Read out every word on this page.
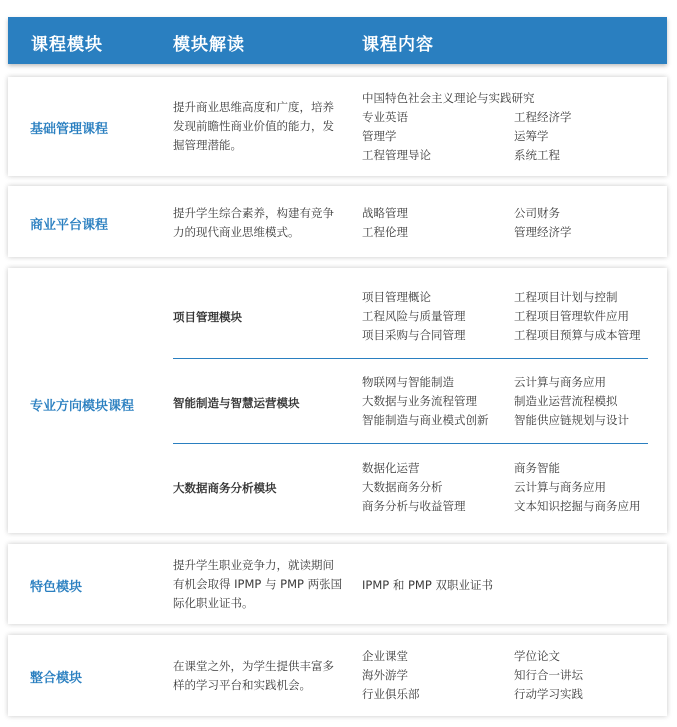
课程模块	模块解读	课程内容
基础管理课程
提升商业思维高度和广度，培养发现前瞻性商业价值的能力，发掘管理潜能。
中国特色社会主义理论与实践研究
专业英语
管理学
工程管理导论
工程经济学
运筹学
系统工程
商业平台课程
提升学生综合素养，构建有竞争力的现代商业思维模式。
战略管理
工程伦理
公司财务
管理经济学
专业方向模块课程
项目管理模块
项目管理概论
工程风险与质量管理
项目采购与合同管理
工程项目计划与控制
工程项目管理软件应用
工程项目预算与成本管理
智能制造与智慧运营模块
物联网与智能制造
大数据与业务流程管理
智能制造与商业模式创新
云计算与商务应用
制造业运营流程模拟
智能供应链规划与设计
大数据商务分析模块
数据化运营
大数据商务分析
商务分析与收益管理
商务智能
云计算与商务应用
文本知识挖掘与商务应用
特色模块
提升学生职业竞争力，就读期间有机会取得 IPMP 与 PMP 两张国际化职业证书。
IPMP 和 PMP 双职业证书
整合模块
在课堂之外，为学生提供丰富多样的学习平台和实践机会。
企业课堂
海外游学
行业俱乐部
学位论文
知行合一讲坛
行动学习实践
